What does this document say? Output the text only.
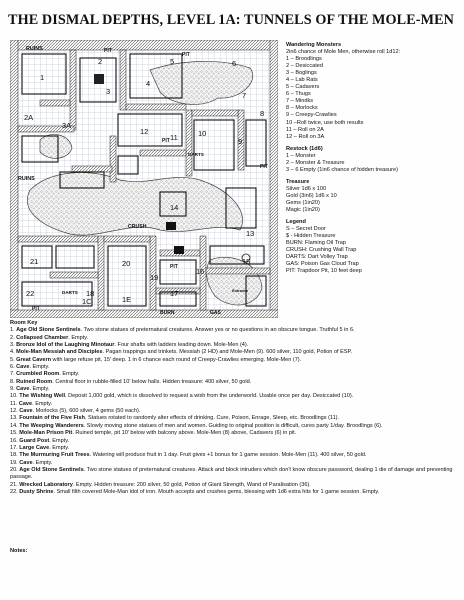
THE DISMAL DEPTHS, LEVEL 1A: TUNNELS OF THE MOLE-MEN
RUINS	PIT
PIT
PIT
DARTS
PIT
RUINS
CRUSH
PIT
PIT
DARTS
BURN	GAS
Entrance
1
2
3
4
5	6
7
8
9
10
11
12
13
14
15
16
17
18
19
20
21
22
2A
3A
1C	1E
Wandering Monsters
2in6 chance of Mole Men, otherwise roll 1d12:
1 – Broodlings
2 – Desiccated
3 – Boglings
4 – Lab Rats
5 – Cadavers
6 – Thugs
7 – Mindks
8 – Morlocks
9 – Creepy-Crawlies
10 –Roll twice, use both results
11 – Roll on 2A
12 – Roll on 3A
Restock (1d6)
1 – Monster
2 – Monster & Treasure
3 – 6 Empty (1in6 chance of hidden treasure)
Treasure
Silver 1d6 x 100
Gold (3in6) 1d6 x 10
Gems (1in20)
Magic (1in20)
Legend
S – Secret Door
$ - Hidden Treasure
BURN: Flaming Oil Trap
CRUSH: Crushing Wall Trap
DARTS: Dart Volley Trap
GAS: Poison Gas Cloud Trap
PIT: Trapdoor Pit, 10 feet deep
Room Key
1. Age Old Stone Sentinels. Two stone statues of preternatural creatures. Answer yes or no questions in an obscure tongue. Truthful 5 in 6.
2. Collapsed Chamber. Empty.
3. Bronze Idol of the Laughing Minotaur. Four shafts with ladders leading down. Mole-Men (4).
4. Mole-Man Messiah and Disciples. Pagan trappings and trinkets. Messiah (2 HD) and Mole-Men (9). 600 silver, 110 gold, Potion of ESP.
5. Great Cavern with large refuse pit, 15' deep. 1 in 6 chance each round of Creepy-Crawlies emerging. Mole-Men (7).
6. Cave. Empty.
7. Crumbled Room. Empty.
8. Ruined Room. Central floor in rubble-filled 10' below halls. Hidden treasure: 400 silver, 50 gold.
9. Cave. Empty.
10. The Wishing Well. Deposit 1,000 gold, which is dissolved to request a wish from the underworld. Usable once per day. Desiccated (10).
11. Cave. Empty.
12. Cave. Morlocks (5), 600 silver, 4 gems (50 each).
13. Fountain of the Five Fish. Statues rotated to randomly alter effects of drinking. Cure, Poison, Enrage, Sleep, etc. Broodlings (11).
14. The Weeping Wanderers. Slowly moving stone statues of men and women. Guiding to original position is difficult, cures party 1/day. Broodlings (6).
15. Mole-Man Prison Pit. Ruined temple, pit 10' below with balcony above. Mole-Men (8) above, Cadavers (6) in pit.
16. Guard Post. Empty.
17. Large Cave. Empty.
18. The Murmuring Fruit Trees. Watering will produce fruit in 1 day. Fruit gives +1 bonus for 1 game session. Mole-Men (11). 400 silver, 50 gold.
19. Cave. Empty.
20. Age Old Stone Sentinels. Two stone statues of preternatural creatures. Attack and block intruders which don't know obscure password, dealing 1 die of damage and preventing passage.
21. Wrecked Laboratory. Empty. Hidden treasure: 200 silver, 50 gold, Potion of Giant Strength, Wand of Paralisation (36).
22. Dusty Shrine. Small filth covered Mole-Man idol of iron. Mouth accepts and crushes gems, blessing with 1d6 extra hits for 1 game session. Empty.
Notes:
